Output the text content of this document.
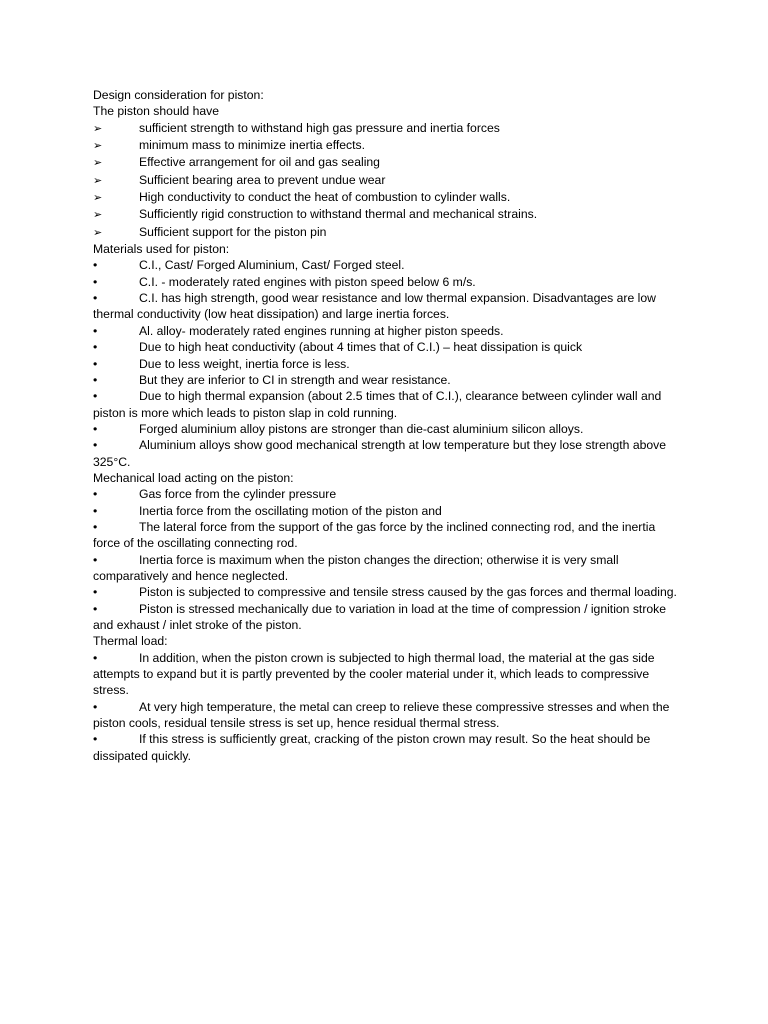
Design consideration for piston:

The piston should have

➢	sufficient strength to withstand high gas pressure and inertia forces

➢	minimum mass to minimize inertia effects.

➢	Effective arrangement for oil and gas sealing

➢	Sufficient bearing area to prevent undue wear

➢	High conductivity to conduct the heat of combustion to cylinder walls.

➢	Sufficiently rigid construction to withstand thermal and mechanical strains.

➢	Sufficient support for the piston pin

Materials used for piston:

•	C.I., Cast/ Forged Aluminium, Cast/ Forged steel.

•	C.I. - moderately rated engines with piston speed below 6 m/s.

•	C.I. has high strength, good wear resistance and low thermal expansion. Disadvantages are low thermal conductivity (low heat dissipation) and large inertia forces.

•	Al. alloy- moderately rated engines running at higher piston speeds.

•	Due to high heat conductivity (about 4 times that of C.I.) – heat dissipation is quick

•	Due to less weight, inertia force is less.

•	But they are inferior to CI in strength and wear resistance.

•	Due to high thermal expansion (about 2.5 times that of C.I.), clearance between cylinder wall and piston is more which leads to piston slap in cold running.

•	Forged aluminium alloy pistons are stronger than die-cast aluminium silicon alloys.

•	Aluminium alloys show good mechanical strength at low temperature but they lose strength above 325°C.

Mechanical load acting on the piston:

•	Gas force from the cylinder pressure

•	Inertia force from the oscillating motion of the piston and

•	The lateral force from the support of the gas force by the inclined connecting rod, and the inertia force of the oscillating connecting rod.

•	Inertia force is maximum when the piston changes the direction; otherwise it is very small comparatively and hence neglected.

•	Piston is subjected to compressive and tensile stress caused by the gas forces and thermal loading.

•	Piston is stressed mechanically due to variation in load at the time of compression / ignition stroke and exhaust / inlet stroke of the piston.

Thermal load:

•	In addition, when the piston crown is subjected to high thermal load, the material at the gas side attempts to expand but it is partly prevented by the cooler material under it, which leads to compressive stress.

•	At very high temperature, the metal can creep to relieve these compressive stresses and when the piston cools, residual tensile stress is set up, hence residual thermal stress.

•	If this stress is sufficiently great, cracking of the piston crown may result. So the heat should be dissipated quickly.
